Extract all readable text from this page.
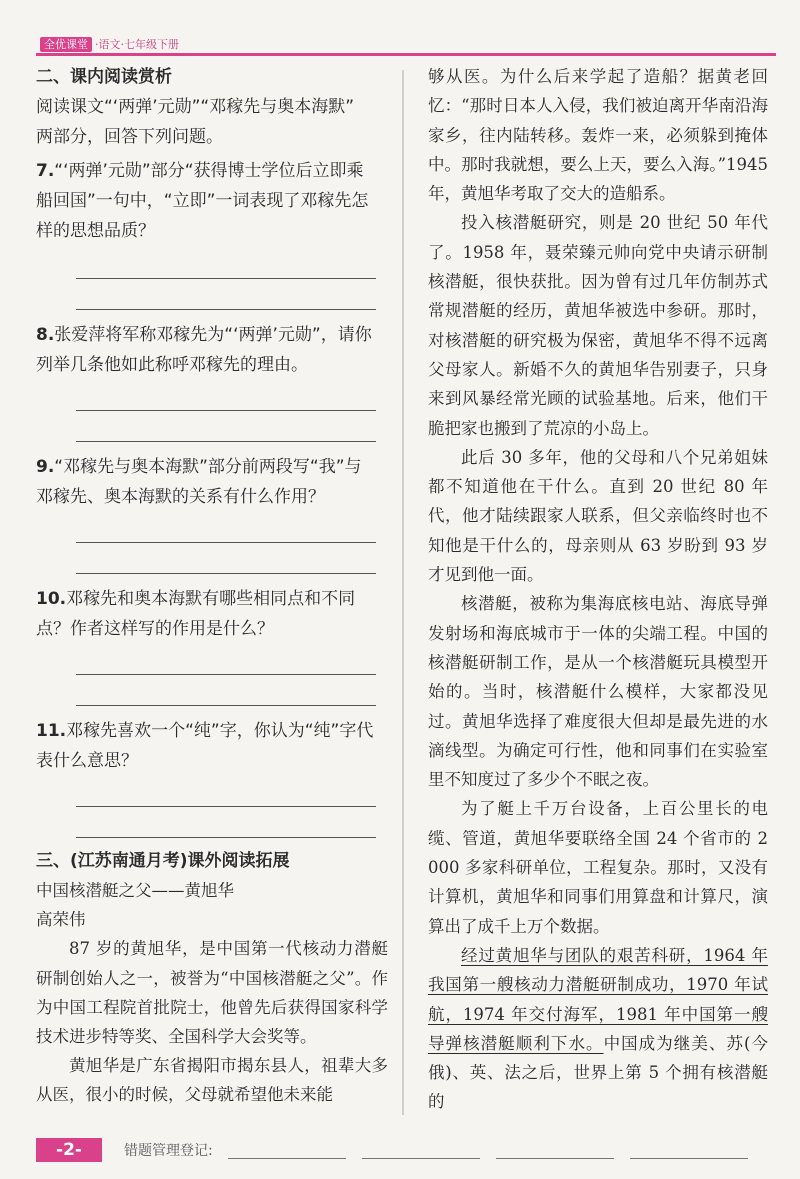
全优课堂 ·语文·七年级下册

二、课内阅读赏析

阅读课文“‘两弹’元勋”“邓稼先与奥本海默”

两部分，回答下列问题。

7.“‘两弹’元勋”部分“获得博士学位后立即乘

船回国”一句中，“立即”一词表现了邓稼先怎

样的思想品质？

8.张爱萍将军称邓稼先为“‘两弹’元勋”，请你

列举几条他如此称呼邓稼先的理由。

9.“邓稼先与奥本海默”部分前两段写“我”与

邓稼先、奥本海默的关系有什么作用？

10.邓稼先和奥本海默有哪些相同点和不同

点？作者这样写的作用是什么？

11.邓稼先喜欢一个“纯”字，你认为“纯”字代

表什么意思？

三、(江苏南通月考)课外阅读拓展

中国核潜艇之父——黄旭华

高荣伟

87 岁的黄旭华，是中国第一代核动力潜艇研制创始人之一，被誉为“中国核潜艇之父”。作为中国工程院首批院士，他曾先后获得国家科学技术进步特等奖、全国科学大会奖等。

黄旭华是广东省揭阳市揭东县人，祖辈大多从医，很小的时候，父母就希望他未来能

够从医。为什么后来学起了造船？据黄老回忆：“那时日本人入侵，我们被迫离开华南沿海家乡，往内陆转移。轰炸一来，必须躲到掩体中。那时我就想，要么上天，要么入海。”1945 年，黄旭华考取了交大的造船系。

投入核潜艇研究，则是 20 世纪 50 年代了。1958 年，聂荣臻元帅向党中央请示研制核潜艇，很快获批。因为曾有过几年仿制苏式常规潜艇的经历，黄旭华被选中参研。那时，对核潜艇的研究极为保密，黄旭华不得不远离父母家人。新婚不久的黄旭华告别妻子，只身来到风暴经常光顾的试验基地。后来，他们干脆把家也搬到了荒凉的小岛上。

此后 30 多年，他的父母和八个兄弟姐妹都不知道他在干什么。直到 20 世纪 80 年代，他才陆续跟家人联系，但父亲临终时也不知他是干什么的，母亲则从 63 岁盼到 93 岁才见到他一面。

核潜艇，被称为集海底核电站、海底导弹发射场和海底城市于一体的尖端工程。中国的核潜艇研制工作，是从一个核潜艇玩具模型开始的。当时，核潜艇什么模样，大家都没见过。黄旭华选择了难度很大但却是最先进的水滴线型。为确定可行性，他和同事们在实验室里不知度过了多少个不眠之夜。

为了艇上千万台设备，上百公里长的电缆、管道，黄旭华要联络全国 24 个省市的 2 000 多家科研单位，工程复杂。那时，又没有计算机，黄旭华和同事们用算盘和计算尺，演算出了成千上万个数据。

经过黄旭华与团队的艰苦科研，1964 年我国第一艘核动力潜艇研制成功，1970 年试航，1974 年交付海军，1981 年中国第一艘导弹核潜艇顺利下水。中国成为继美、苏(今俄)、英、法之后，世界上第 5 个拥有核潜艇的

-2-	错题管理登记:
